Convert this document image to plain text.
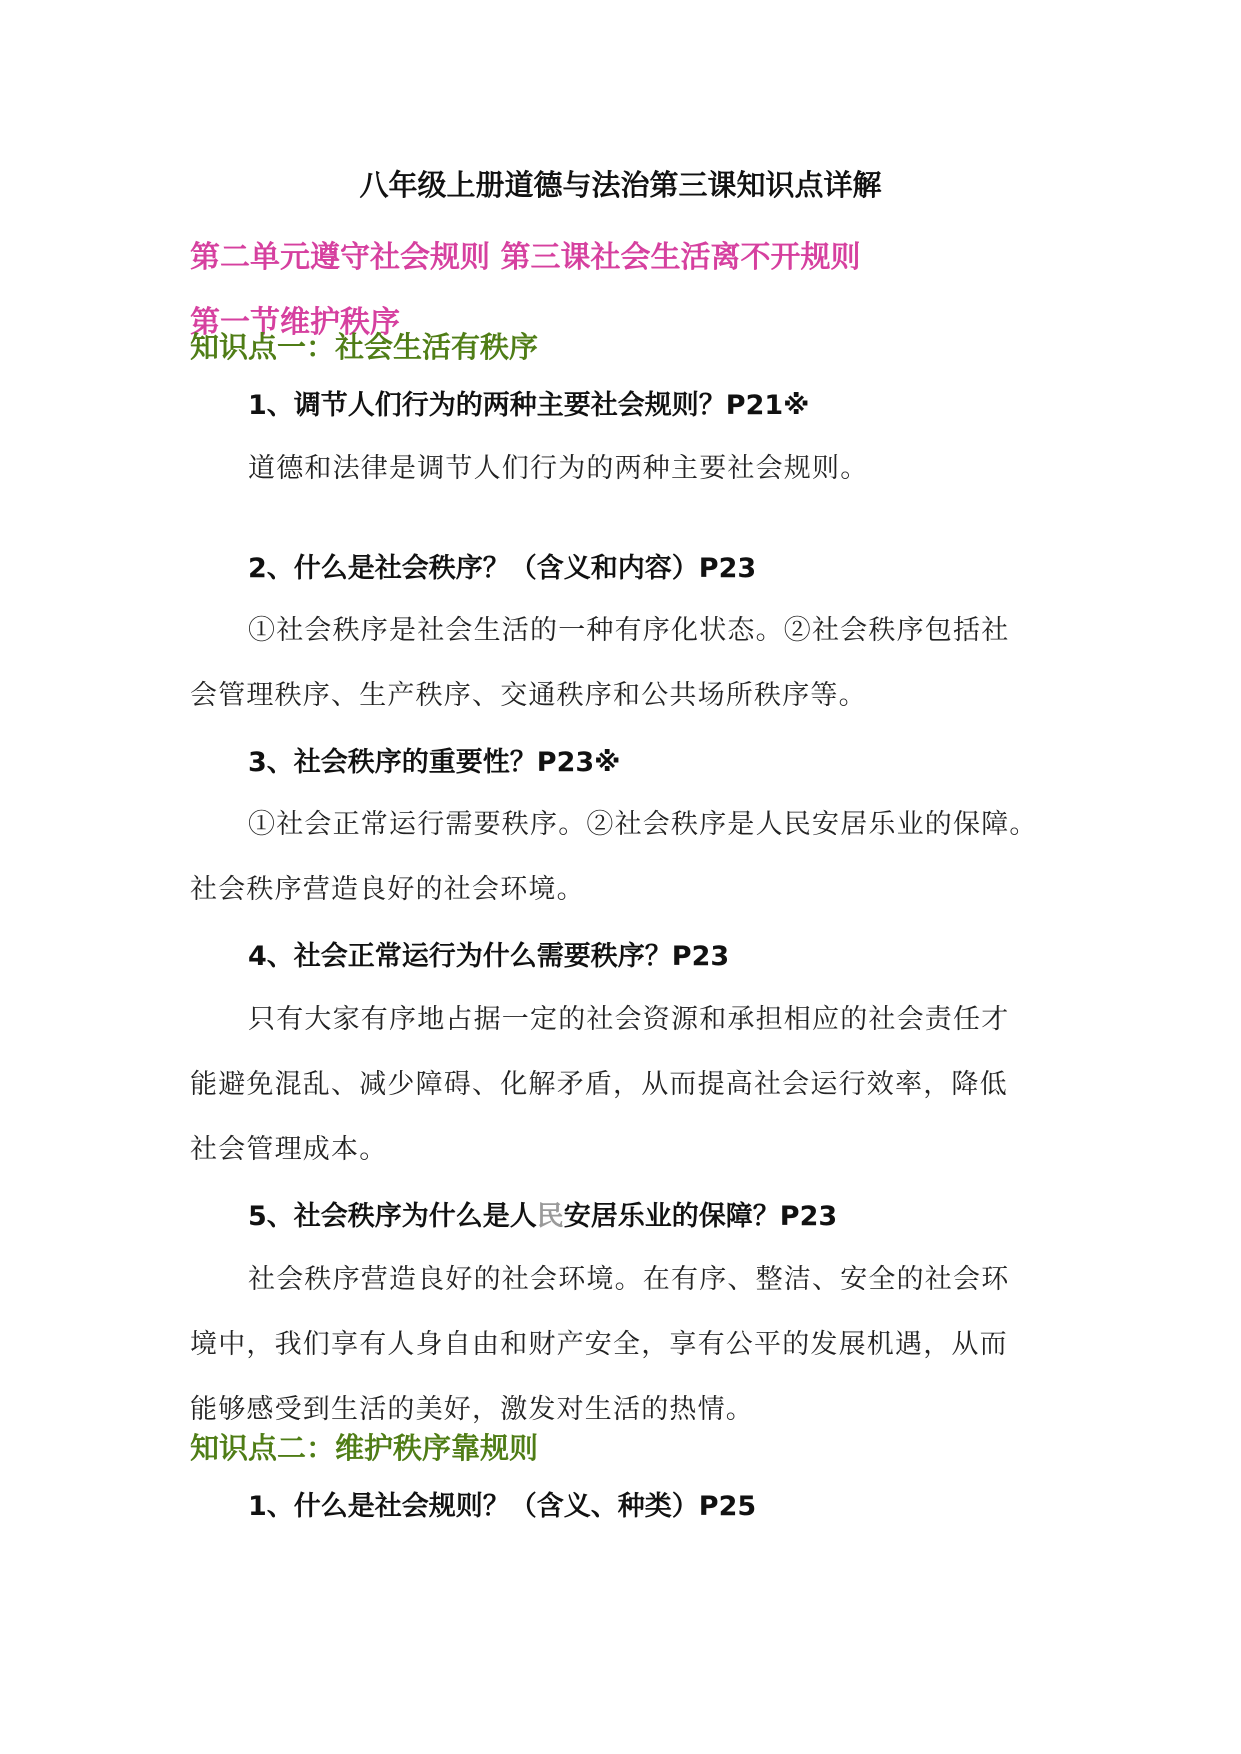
八年级上册道德与法治第三课知识点详解
第二单元遵守社会规则 第三课社会生活离不开规则
第一节维护秩序
知识点一：社会生活有秩序

1、调节人们行为的两种主要社会规则？P21※

道德和法律是调节人们行为的两种主要社会规则。

2、什么是社会秩序？（含义和内容）P23

①社会秩序是社会生活的一种有序化状态。②社会秩序包括社
会管理秩序、生产秩序、交通秩序和公共场所秩序等。

3、社会秩序的重要性？P23※

①社会正常运行需要秩序。②社会秩序是人民安居乐业的保障。
社会秩序营造良好的社会环境。

4、社会正常运行为什么需要秩序？P23

只有大家有序地占据一定的社会资源和承担相应的社会责任才
能避免混乱、减少障碍、化解矛盾，从而提高社会运行效率，降低
社会管理成本。

5、社会秩序为什么是人民安居乐业的保障？P23

社会秩序营造良好的社会环境。在有序、整洁、安全的社会环
境中，我们享有人身自由和财产安全，享有公平的发展机遇，从而
能够感受到生活的美好，激发对生活的热情。

知识点二：维护秩序靠规则

1、什么是社会规则？（含义、种类）P25
